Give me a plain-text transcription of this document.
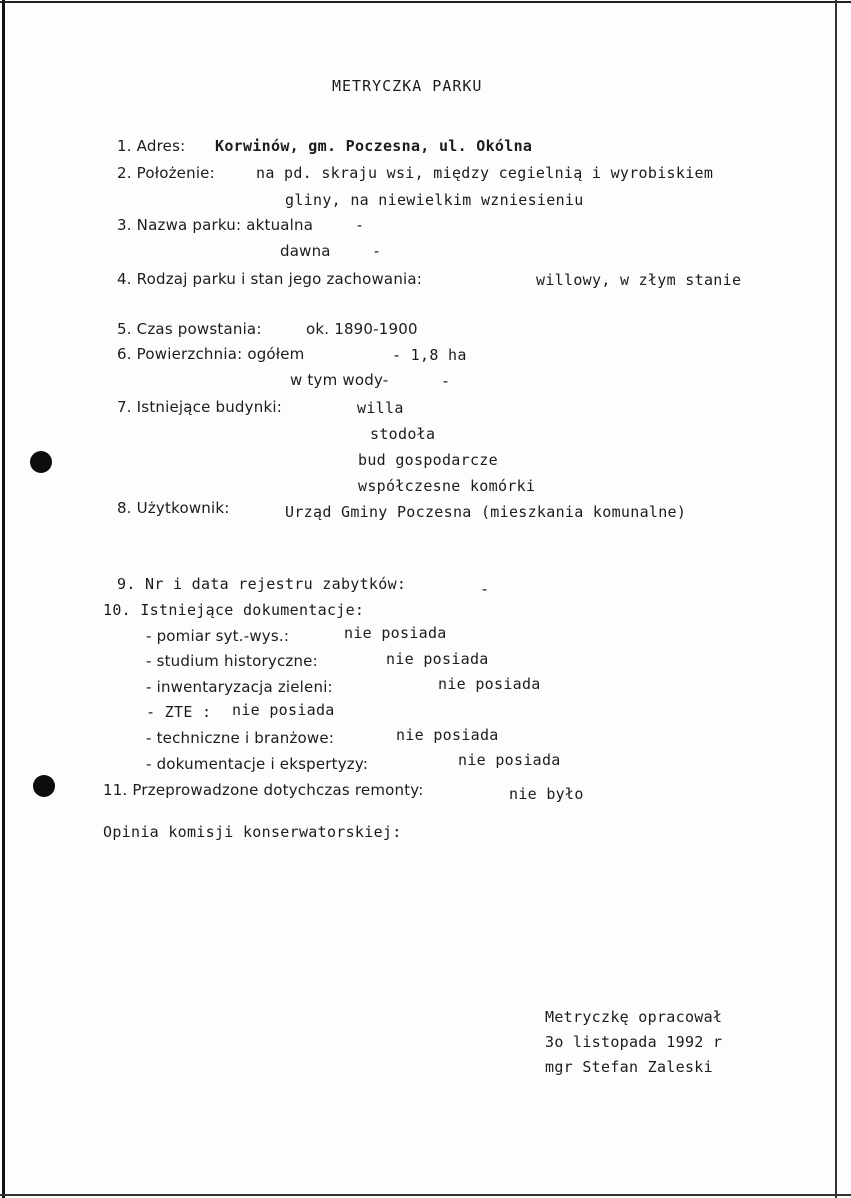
METRYCZKA PARKU
1. Adres: Korwinów, gm. Poczesna, ul. Okólna
2. Położenie:	na pd. skraju wsi, między cegielnią i wyrobiskiem
gliny, na niewielkim wzniesieniu
3. Nazwa parku: aktualna	-
dawna	-
4. Rodzaj parku i stan jego zachowania:	willowy, w złym stanie
5. Czas powstania:	ok. 1890-1900
6. Powierzchnia: ogółem	- 1,8 ha
w tym wody-	-
7. Istniejące budynki:	willa
stodoła
bud gospodarcze
współczesne komórki
8. Użytkownik:	Urząd Gminy Poczesna (mieszkania komunalne)
9. Nr i data rejestru zabytków:	-
10. Istniejące dokumentacje:
- pomiar syt.-wys.:	nie posiada
- studium historyczne:	nie posiada
- inwentaryzacja zieleni:	nie posiada
- ZTE : nie posiada
- techniczne i branżowe:	nie posiada
- dokumentacje i ekspertyzy:	nie posiada
11. Przeprowadzone dotychczas remonty:	nie było
Opinia komisji konserwatorskiej:
Metryczkę opracował
3o listopada 1992 r
mgr Stefan Zaleski
